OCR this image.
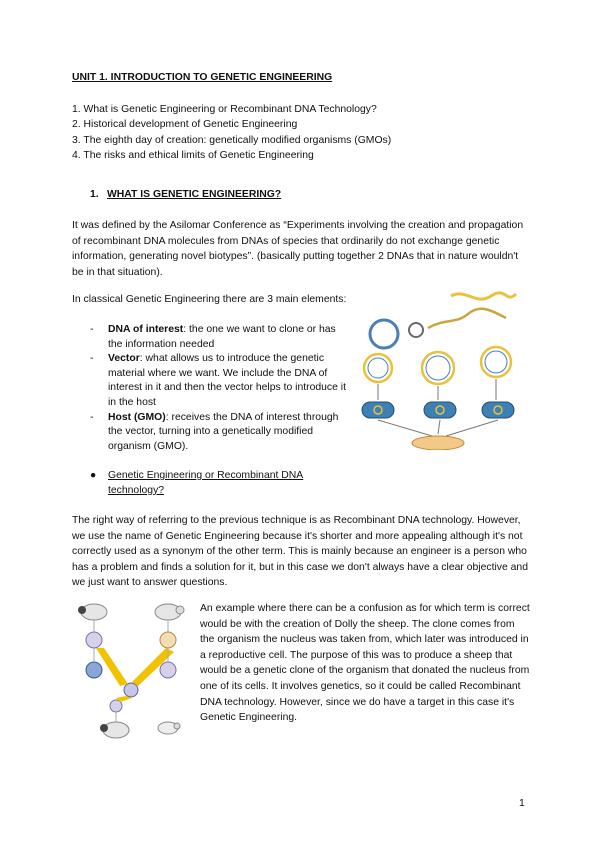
UNIT 1. INTRODUCTION TO GENETIC ENGINEERING
1. What is Genetic Engineering or Recombinant DNA Technology?
2. Historical development of Genetic Engineering
3. The eighth day of creation: genetically modified organisms (GMOs)
4. The risks and ethical limits of Genetic Engineering
1. WHAT IS GENETIC ENGINEERING?

It was defined by the Asilomar Conference as “Experiments involving the creation and propagation of recombinant DNA molecules from DNAs of species that ordinarily do not exchange genetic information, generating novel biotypes”. (basically putting together 2 DNAs that in nature wouldn't be in that situation).

In classical Genetic Engineering there are 3 main elements:

- DNA of interest: the one we want to clone or has the information needed
- Vector: what allows us to introduce the genetic material where we want. We include the DNA of interest in it and then the vector helps to introduce it in the host
- Host (GMO): receives the DNA of interest through the vector, turning into a genetically modified organism (GMO).
●	Genetic Engineering or Recombinant DNA technology?

The right way of referring to the previous technique is as Recombinant DNA technology. However, we use the name of Genetic Engineering because it's shorter and more appealing although it's not correctly used as a synonym of the other term. This is mainly because an engineer is a person who has a problem and finds a solution for it, but in this case we don't always have a clear objective and we just want to answer questions.

An example where there can be a confusion as for which term is correct would be with the creation of Dolly the sheep. The clone comes from the organism the nucleus was taken from, which later was introduced in a reproductive cell. The purpose of this was to produce a sheep that would be a genetic clone of the organism that donated the nucleus from one of its cells. It involves genetics, so it could be called Recombinant DNA technology. However, since we do have a target in this case it's Genetic Engineering.

1
